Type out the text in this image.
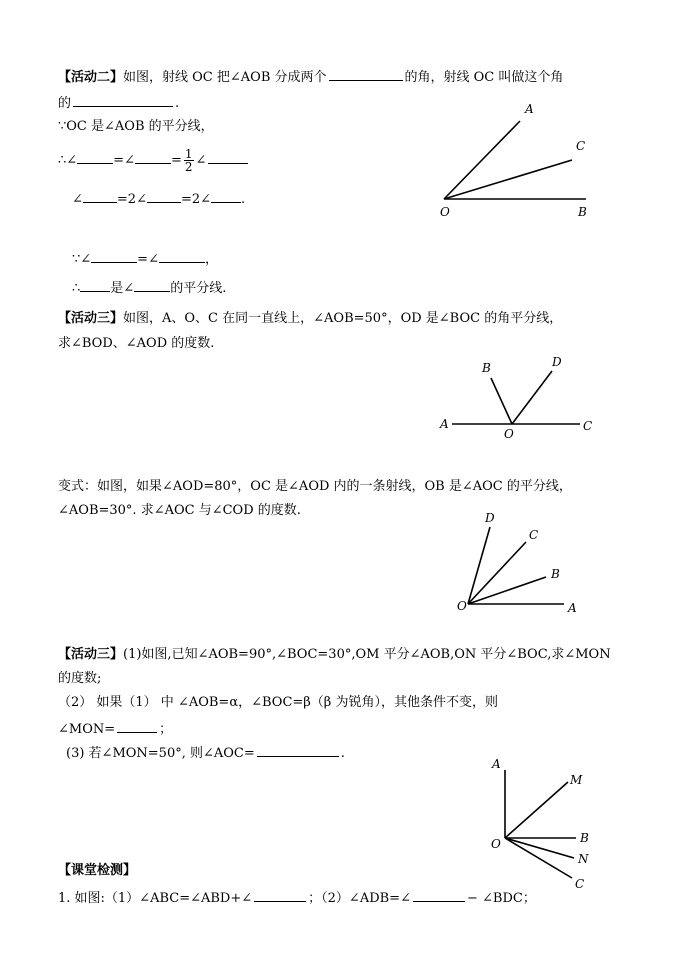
【活动二】如图，射线 OC 把∠AOB 分成两个	的角，射线 OC 叫做这个角
的	.
∵OC 是∠AOB 的平分线，
∴∠	=∠	= $\frac{1}{2}$ ∠
∠	=2∠	=2∠ .
∵∠	=∠	，
∴ 是∠	的平分线.
A
C
O	B
【活动三】如图，A、O、C 在同一直线上，∠AOB=50°，OD 是∠BOC 的角平分线，
求∠BOD、∠AOD 的度数.
B	D
A
O
C
变式：如图，如果∠AOD=80°，OC 是∠AOD 内的一条射线，OB 是∠AOC 的平分线，
∠AOB=30°. 求∠AOC 与∠COD 的度数.	D
C
B
O	A
【活动三】(1)如图,已知∠AOB=90°,∠BOC=30°,OM 平分∠AOB,ON 平分∠BOC,求∠MON
的度数;
（2） 如果（1） 中 ∠AOB=α，∠BOC=β（β 为锐角），其他条件不变，则
∠MON=	；
(3) 若∠MON=50°, 则∠AOC=	.
A
M
O	B
N
C
【课堂检测】
1. 如图:（1）∠ABC=∠ABD+∠	；（2）∠ADB=∠	− ∠BDC；
